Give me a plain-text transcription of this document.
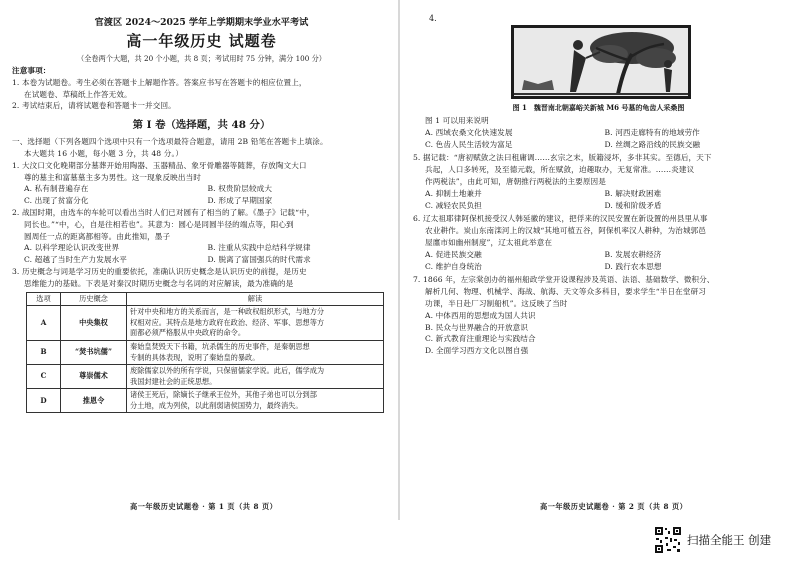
官渡区 2024～2025 学年上学期期末学业水平考试
高一年级历史 试题卷
（全卷两个大题，共 20 个小题，共 8 页；考试用时 75 分钟，满分 100 分）
注意事项：
1. 本卷为试题卷。考生必须在答题卡上解题作答。答案应书写在答题卡的相应位置上，
在试题卷、草稿纸上作答无效。
2. 考试结束后，请将试题卷和答题卡一并交回。
第 Ⅰ 卷（选择题，共 48 分）
一、选择题（下列各题四个选项中只有一个选项最符合题意，请用 2B 铅笔在答题卡上填涂。
本大题共 16 小题，每小题 3 分，共 48 分。）
1. 大汶口文化晚期部分墓葬开始用陶器、玉器精品、象牙骨雕器等随葬，存放陶文大口
尊的墓主和富墓墓主多为男性。这一现象反映出当时
A. 私有制普遍存在	B. 权贵阶层较成大
C. 出现了贫富分化	D. 形成了早期国家
2. 战国时期，由选车的车轮可以看出当时人们已对圆有了相当的了解。《墨子》记载“中，
同长也。”“中，心，自是往相若也”。其意为：圆心是同圆半径的端点等，阳心到
圆周任一点的距离都相等。由此推知，墨子
A. 以科学理论认识改变世界	B. 注重从实践中总结科学规律
C. 超越了当时生产力发展水平	D. 脱离了富国强兵的时代需求
3. 历史概念与词是学习历史的重要依托，准确认识历史概念是认识历史的前提，是历史
思维能力的基础。下表是对秦汉时期历史概念与名词的对应解读，最为准确的是
选项	历史概念	解读
A	中央集权	针对中央和地方的关系而言，是一种政权组织形式，与地方分
权相对应。其特点是地方政府在政治、经济、军事、思想等方
面都必须严格服从中央政府的命令。

B	“焚书坑儒”	秦始皇焚毁天下书籍，坑杀儒生的历史事件，是秦朝思想
专制的具体表现，说明了秦始皇的暴政。

C	尊崇儒术	废除儒家以外的所有学说，只保留儒家学说。此后，儒学成为
我国封建社会的正统思想。

D	推恩令	诸侯王死后，除嫡长子继承王位外，其他子弟也可以分到部
分土地，成为列侯，以此削弱诸侯国势力，最终消失。
高一年级历史试题卷 · 第 1 页（共 8 页）
4.
图 1　魏晋南北朝嘉峪关新城 M6 号墓的龟齿人采桑图
图 1 可以用来说明
A. 西域农桑文化快速发展	B. 河西走廊特有的地域劳作
C. 色齿人民生活较为富足	D. 丝绸之路沿线的民族交融
5. 据记载：“唐初赋敛之法曰租庸调……玄宗之末，版籍浸坏，多非其实。至德后，天下
兵起，人口多转死，及至德元载，所在赋敛，迫趣取办，无复常准。……炎建议
作两税法”，由此可知，唐朝推行两税法的主要原因是
A. 抑制土地兼并	B. 解决财政困难
C. 减轻农民负担	D. 缓和阶级矛盾
6. 辽太祖耶律阿保机接受汉人韩延徽的建议，把俘来的汉民安置在新设置的州县里从事
农业耕作。炭山东南滦河上的汉城“其地可植五谷，阿保机率汉人耕种，为治城郭邑
屋廛市如幽州制度”，辽太祖此举意在
A. 促进民族交融	B. 发展农耕经济
C. 维护自身统治	D. 践行农本思想
7. 1866 年，左宗棠创办的福州船政学堂开设课程涉及英语、法语、基础数学、微积分、
解析几何、物理、机械学、海战、航海、天文等众多科目，要求学生“半日在堂研习
功课，半日赴厂习制船机”。这反映了当时
A. 中体西用的思想成为国人共识
B. 民众与世界融合的开放意识
C. 新式教育注重理论与实践结合
D. 全面学习西方文化以图自强
高一年级历史试题卷 · 第 2 页（共 8 页）
扫描全能王 创建
